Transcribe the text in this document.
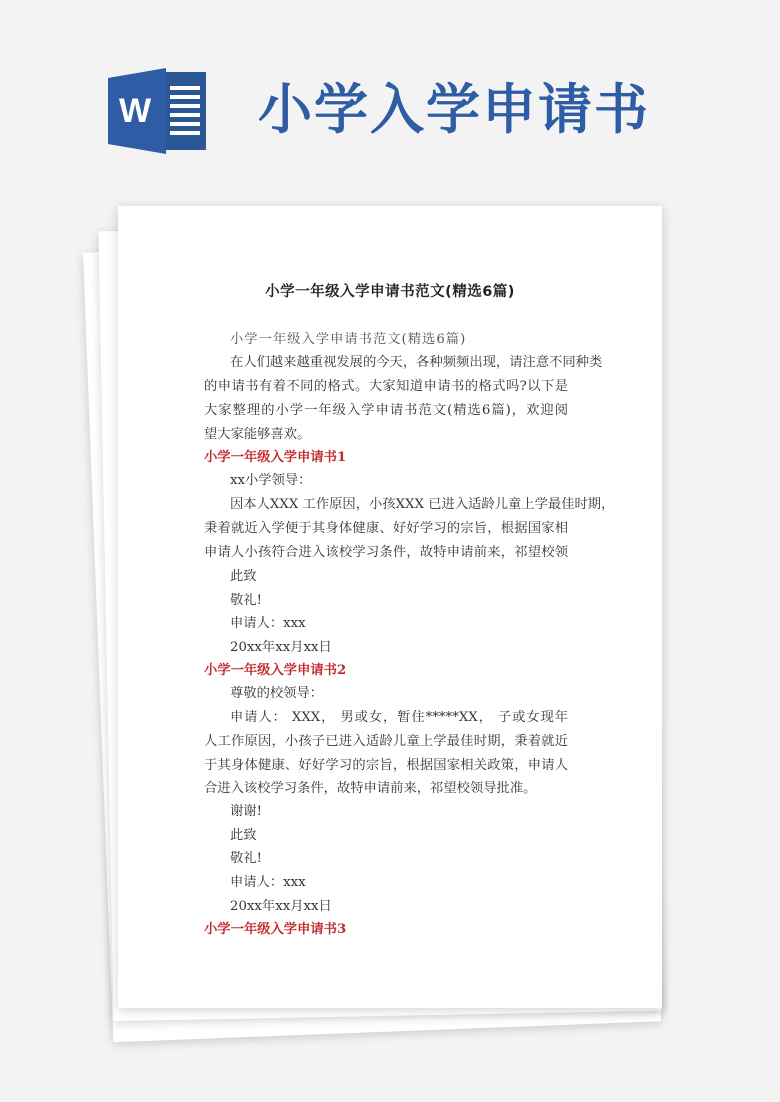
W 小学入学申请书
小学一年级入学申请书范文(精选6篇)
小学一年级入学申请书范文(精选6篇)
在人们越来越重视发展的今天，各种频频出现，请注意不同种类
的申请书有着不同的格式。大家知道申请书的格式吗?以下是
大家整理的小学一年级入学申请书范文(精选6篇)，欢迎阅
望大家能够喜欢。
小学一年级入学申请书1
xx小学领导：
因本人XXX 工作原因，小孩XXX 已进入适龄儿童上学最佳时期，
秉着就近入学便于其身体健康、好好学习的宗旨，根据国家相
申请人小孩符合进入该校学习条件，故特申请前来，祁望校领
此致
敬礼!
申请人：xxx
20xx年xx月xx日
小学一年级入学申请书2
尊敬的校领导：
申请人： XXX， 男或女，暂住*****XX， 子或女现年
人工作原因，小孩子已进入适龄儿童上学最佳时期，秉着就近
于其身体健康、好好学习的宗旨，根据国家相关政策，申请人
合进入该校学习条件，故特申请前来，祁望校领导批准。
谢谢!
此致
敬礼!
申请人：xxx
20xx年xx月xx日
小学一年级入学申请书3
